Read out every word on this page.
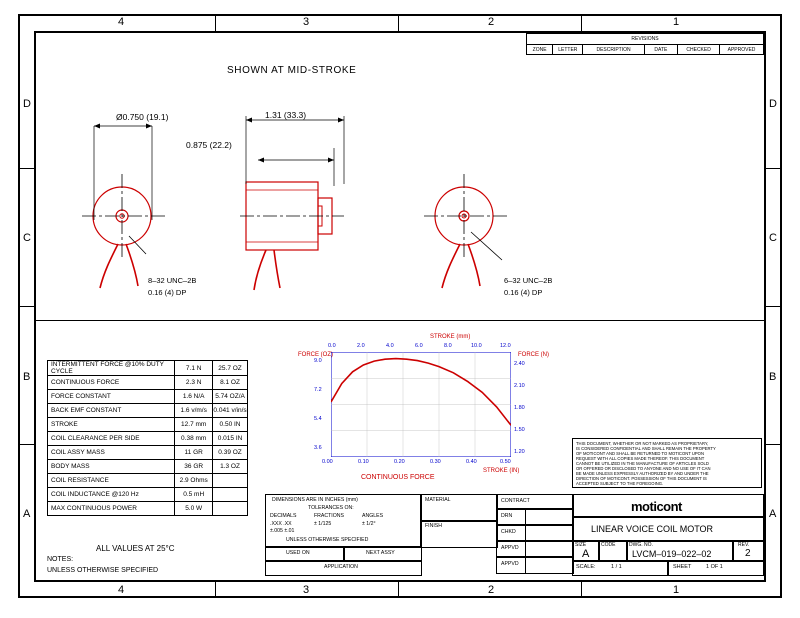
4	3	2	1
4	3	2	1
D
C
B
A
D
C
B
A
REVISIONS
ZONE	LETTER	DESCRIPTION	DATE	CHECKED	APPROVED
SHOWN AT MID-STROKE
8–32 UNC–2B
0.16 (4) DP
Ø0.750 (19.1)	1.31 (33.3)
0.875 (22.2)
6–32 UNC–2B
0.16 (4) DP
INTERMITTENT FORCE @10% DUTY CYCLE	7.1 N	25.7 OZ
CONTINUOUS FORCE	2.3 N	8.1 OZ
FORCE CONSTANT	1.6 N/A	5.74 OZ/A
BACK EMF CONSTANT	1.6 v/m/s	0.041 v/in/s
STROKE	12.7 mm	0.50 IN
COIL CLEARANCE PER SIDE	0.38 mm	0.015 IN
COIL ASSY MASS	11 GR	0.39 OZ
BODY MASS	36 GR	1.3 OZ
COIL RESISTANCE	2.9 Ohms	
COIL INDUCTANCE @120 Hz	0.5 mH	
MAX CONTINUOUS POWER	5.0 W	
ALL VALUES AT 25°C
NOTES:
UNLESS OTHERWISE SPECIFIED
STROKE (mm)
0.0	2.0	4.0	6.0	8.0	10.0	12.0
FORCE (OZ)	FORCE (N)
9.0
7.2
5.4
3.6
2.40
2.10
1.80
1.50
1.20
0.00	0.10	0.20	0.30	0.40	0.50
STROKE (IN)
CONTINUOUS FORCE
THIS DOCUMENT, WHETHER OR NOT MARKED AS PROPRIETARY,
IS CONSIDERED CONFIDENTIAL AND SHALL REMAIN THE PROPERTY
OF MOTICONT AND SHALL BE RETURNED TO MOTICONT UPON
REQUEST WITH ALL COPIES MADE THEREOF. THIS DOCUMENT
CANNOT BE UTILIZED IN THE MANUFACTURE OF ARTICLES SOLD
OR OFFERED OR DISCLOSED TO ANYONE AND NO USE OF IT CAN
BE MADE UNLESS EXPRESSLY AUTHORIZED BY AND UNDER THE
DIRECTION OF MOTICONT. POSSESSION OF THIS DOCUMENT IS
ACCEPTED SUBJECT TO THE FOREGOING.
DIMENSIONS ARE IN INCHES (mm)
TOLERANCES ON:
DECIMALS	FRACTIONS	ANGLES
.XXX .XX	± 1/125	± 1/2°
±.005 ±.01
UNLESS OTHERWISE SPECIFIED
MATERIAL
FINISH
USED ON	NEXT ASSY
APPLICATION
CONTRACT
DRN
CHKD
APPVD
APPVD
moticont
LINEAR VOICE COIL MOTOR
SIZE
A
CODE	DWG. NO.
LVCM–019–022–02
REV.
2
SCALE:	1 / 1	SHEET	1 OF 1
